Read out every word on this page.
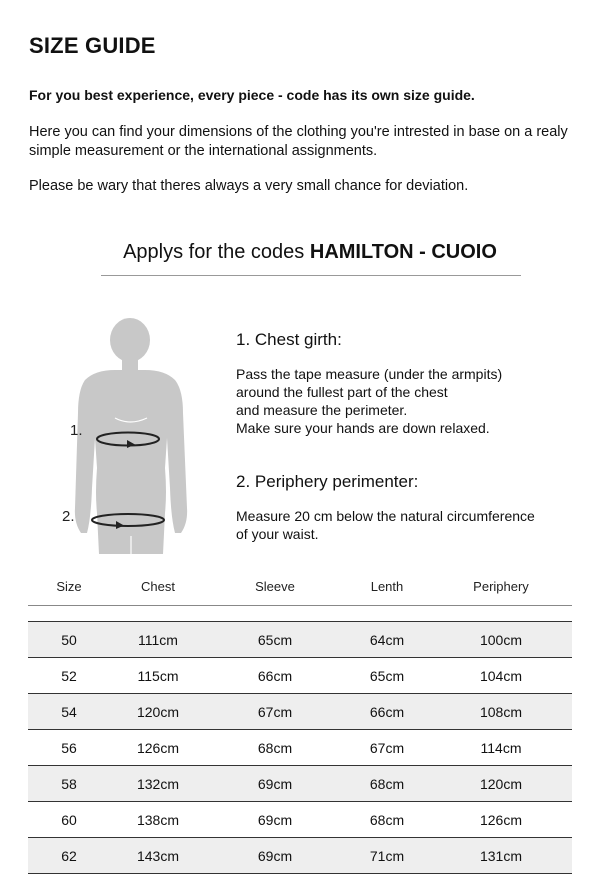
SIZE GUIDE

For you best experience, every piece - code has its own size guide.

Here you can find your dimensions of the clothing you're intrested in base on a realy simple measurement or the international assignments.

Please be wary that theres always a very small chance for deviation.

Applys for the codes HAMILTON - CUOIO

1.
2.
1. Chest girth:
Pass the tape measure (under the armpits)
around the fullest part of the chest
and measure the perimeter.
Make sure your hands are down relaxed.
2. Periphery perimenter:
Measure 20 cm below the natural circumference
of your waist.
Size	Chest	Sleeve	Lenth	Periphery

50	111cm	65cm	64cm	100cm
52	115cm	66cm	65cm	104cm
54	120cm	67cm	66cm	108cm
56	126cm	68cm	67cm	114cm
58	132cm	69cm	68cm	120cm
60	138cm	69cm	68cm	126cm
62	143cm	69cm	71cm	131cm
